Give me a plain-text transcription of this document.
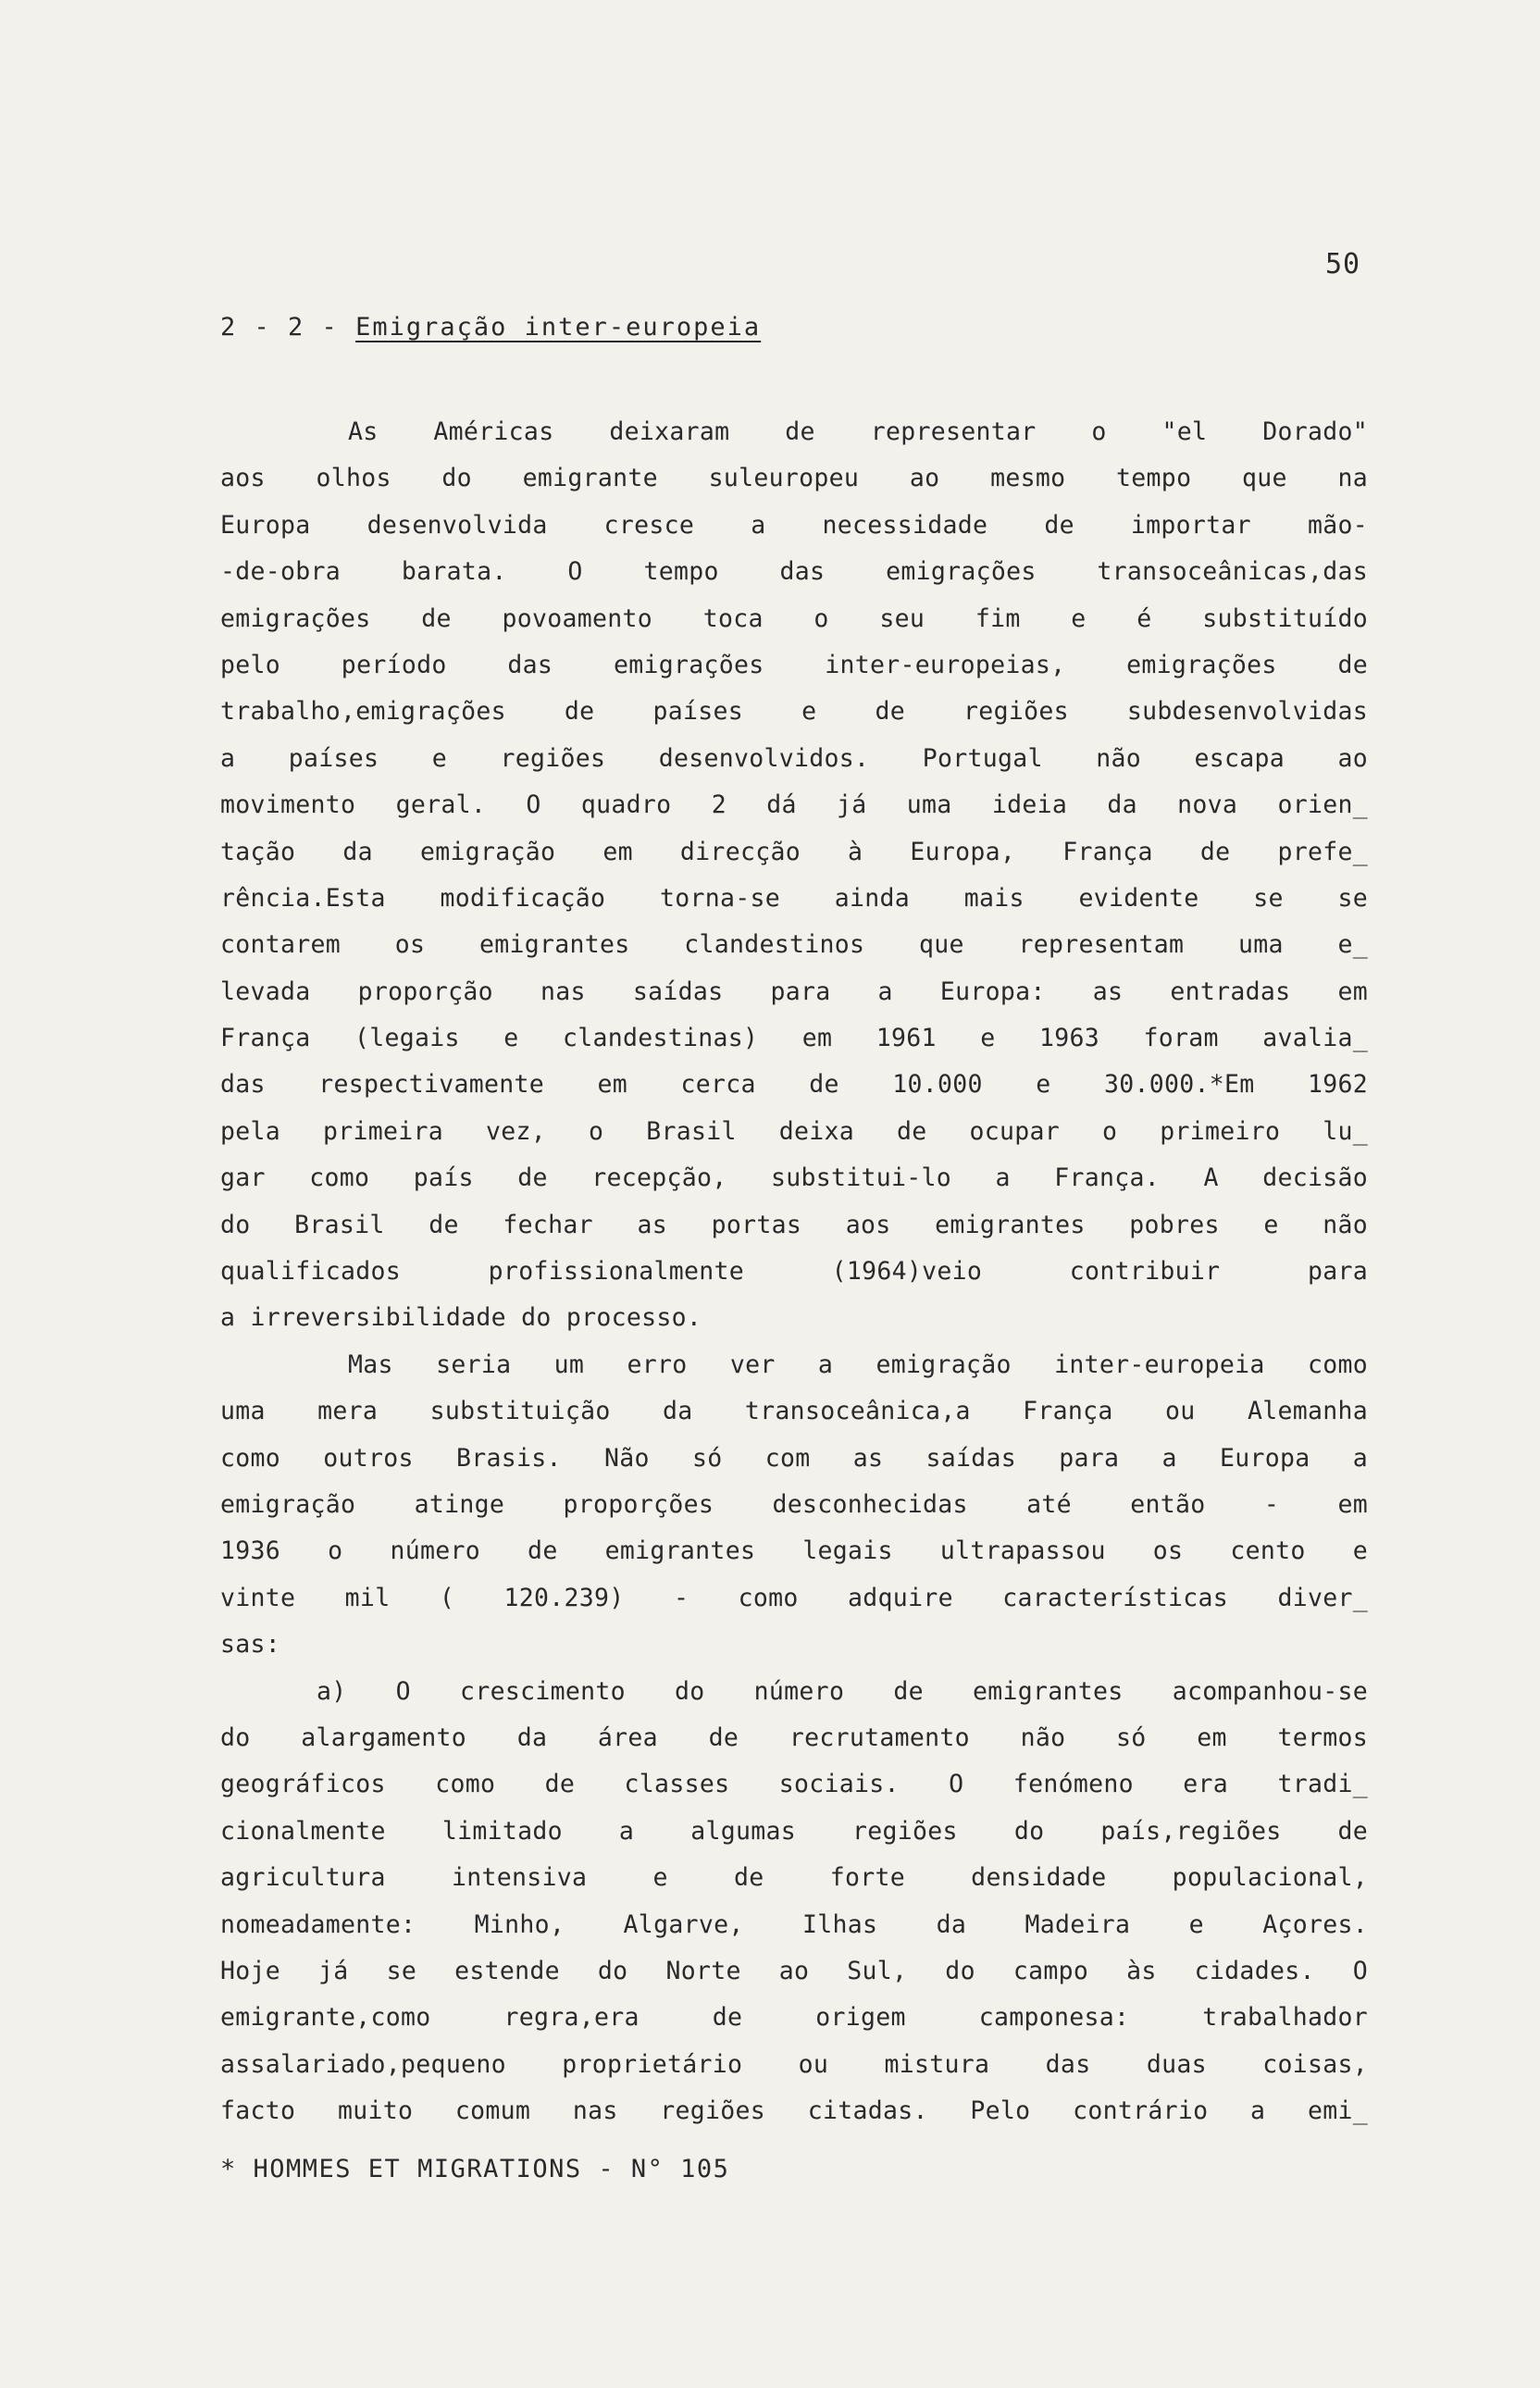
50
2 - 2 - Emigração inter-europeia
As Américas deixaram de representar o "el Dorado"
aos olhos do emigrante suleuropeu ao mesmo tempo que na
Europa desenvolvida cresce a necessidade de importar mão-
-de-obra barata. O tempo das emigrações transoceânicas,das
emigrações de povoamento toca o seu fim e é substituído
pelo período das emigrações inter-europeias, emigrações de
trabalho,emigrações de países e de regiões subdesenvolvidas
a países e regiões desenvolvidos. Portugal não escapa ao
movimento geral. O quadro 2 dá já uma ideia da nova orien_
tação da emigração em direcção à Europa, França de prefe_
rência.Esta modificação torna-se ainda mais evidente se se
contarem os emigrantes clandestinos que representam uma e_
levada proporção nas saídas para a Europa: as entradas em
França (legais e clandestinas) em 1961 e 1963 foram avalia_
das respectivamente em cerca de 10.000 e 30.000.*Em 1962
pela primeira vez, o Brasil deixa de ocupar o primeiro lu_
gar como país de recepção, substitui-lo a França. A decisão
do Brasil de fechar as portas aos emigrantes pobres e não
qualificados profissionalmente (1964)veio contribuir para
a irreversibilidade do processo.
Mas seria um erro ver a emigração inter-europeia como
uma mera substituição da transoceânica,a França ou Alemanha
como outros Brasis. Não só com as saídas para a Europa a
emigração atinge proporções desconhecidas até então - em
1936 o número de emigrantes legais ultrapassou os cento e
vinte mil ( 120.239) - como adquire características diver_
sas:
a) O crescimento do número de emigrantes acompanhou-se
do alargamento da área de recrutamento não só em termos
geográficos como de classes sociais. O fenómeno era tradi_
cionalmente limitado a algumas regiões do país,regiões de
agricultura intensiva e de forte densidade populacional,
nomeadamente: Minho, Algarve, Ilhas da Madeira e Açores.
Hoje já se estende do Norte ao Sul, do campo às cidades. O
emigrante,como regra,era de origem camponesa: trabalhador
assalariado,pequeno proprietário ou mistura das duas coisas,
facto muito comum nas regiões citadas. Pelo contrário a emi_
* HOMMES ET MIGRATIONS - N° 105
